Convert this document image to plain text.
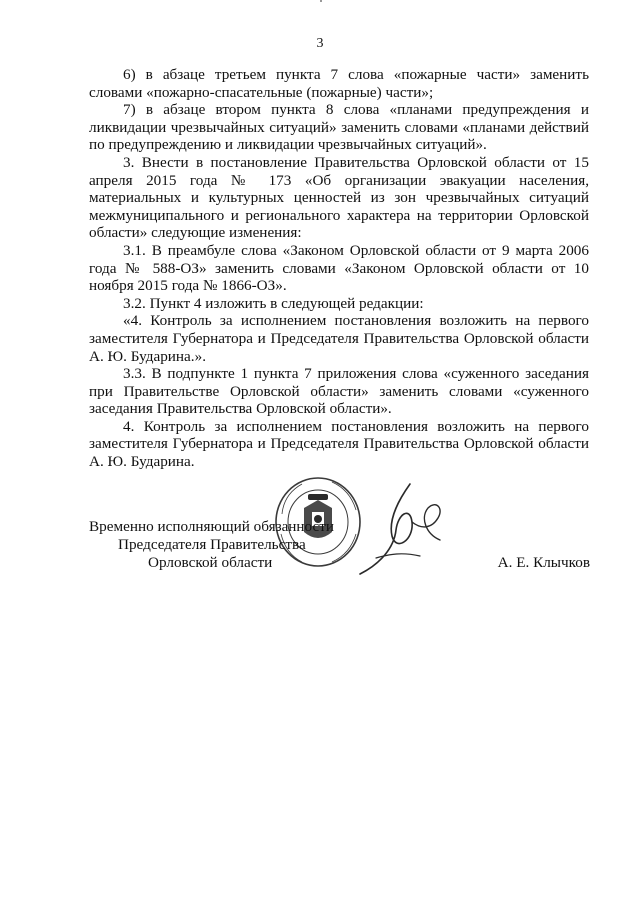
3

6) в абзаце третьем пункта 7 слова «пожарные части» заменить словами «пожарно-спасательные (пожарные) части»;

7) в абзаце втором пункта 8 слова «планами предупреждения и ликвидации чрезвычайных ситуаций» заменить словами «планами действий по предупреждению и ликвидации чрезвычайных ситуаций».

3. Внести в постановление Правительства Орловской области от 15 апреля 2015 года № 173 «Об организации эвакуации населения, материальных и культурных ценностей из зон чрезвычайных ситуаций межмуниципального и регионального характера на территории Орловской области» следующие изменения:

3.1. В преамбуле слова «Законом Орловской области от 9 марта 2006 года № 588-ОЗ» заменить словами «Законом Орловской области от 10 ноября 2015 года № 1866-ОЗ».

3.2. Пункт 4 изложить в следующей редакции:

«4. Контроль за исполнением постановления возложить на первого заместителя Губернатора и Председателя Правительства Орловской области А. Ю. Бударина.».

3.3. В подпункте 1 пункта 7 приложения слова «суженного заседания при Правительстве Орловской области» заменить словами «суженного заседания Правительства Орловской области».

4. Контроль за исполнением постановления возложить на первого заместителя Губернатора и Председателя Правительства Орловской области А. Ю. Бударина.

Временно исполняющий обязанности
Председателя Правительства
Орловской области	А. Е. Клычков
